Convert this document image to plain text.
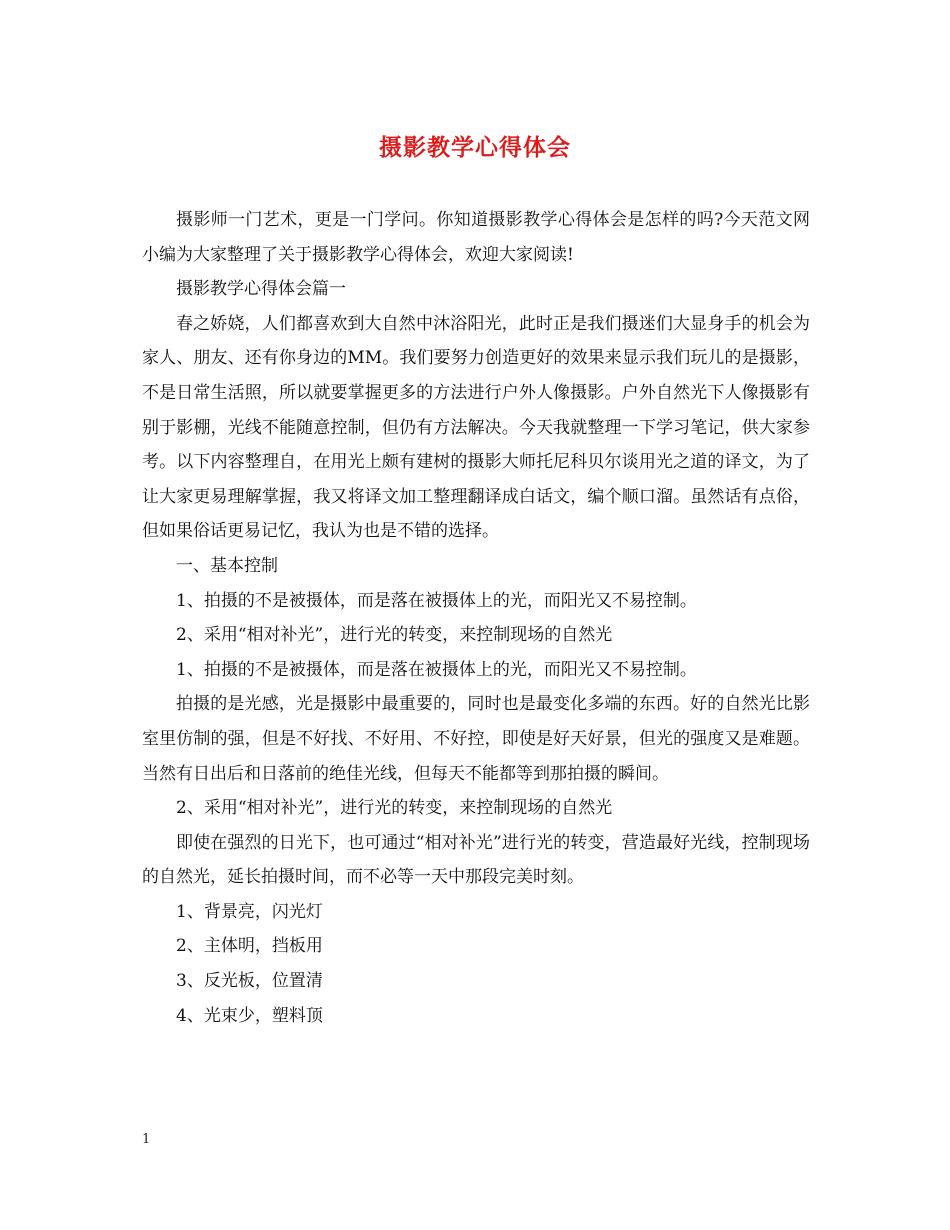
摄影教学心得体会

摄影师一门艺术，更是一门学问。你知道摄影教学心得体会是怎样的吗?今天范文网小编为大家整理了关于摄影教学心得体会，欢迎大家阅读!

摄影教学心得体会篇一

春之娇娆，人们都喜欢到大自然中沐浴阳光，此时正是我们摄迷们大显身手的机会为家人、朋友、还有你身边的MM。我们要努力创造更好的效果来显示我们玩儿的是摄影，不是日常生活照，所以就要掌握更多的方法进行户外人像摄影。户外自然光下人像摄影有别于影棚，光线不能随意控制，但仍有方法解决。今天我就整理一下学习笔记，供大家参考。以下内容整理自，在用光上颇有建树的摄影大师托尼科贝尔谈用光之道的译文，为了让大家更易理解掌握，我又将译文加工整理翻译成白话文，编个顺口溜。虽然话有点俗，但如果俗话更易记忆，我认为也是不错的选择。

一、基本控制

1、拍摄的不是被摄体，而是落在被摄体上的光，而阳光又不易控制。

2、采用“相对补光”，进行光的转变，来控制现场的自然光

1、拍摄的不是被摄体，而是落在被摄体上的光，而阳光又不易控制。

拍摄的是光感，光是摄影中最重要的，同时也是最变化多端的东西。好的自然光比影室里仿制的强，但是不好找、不好用、不好控，即使是好天好景，但光的强度又是难题。当然有日出后和日落前的绝佳光线，但每天不能都等到那拍摄的瞬间。

2、采用“相对补光”，进行光的转变，来控制现场的自然光

即使在强烈的日光下，也可通过“相对补光”进行光的转变，营造最好光线，控制现场的自然光，延长拍摄时间，而不必等一天中那段完美时刻。

1、背景亮，闪光灯

2、主体明，挡板用

3、反光板，位置清

4、光束少，塑料顶

1
